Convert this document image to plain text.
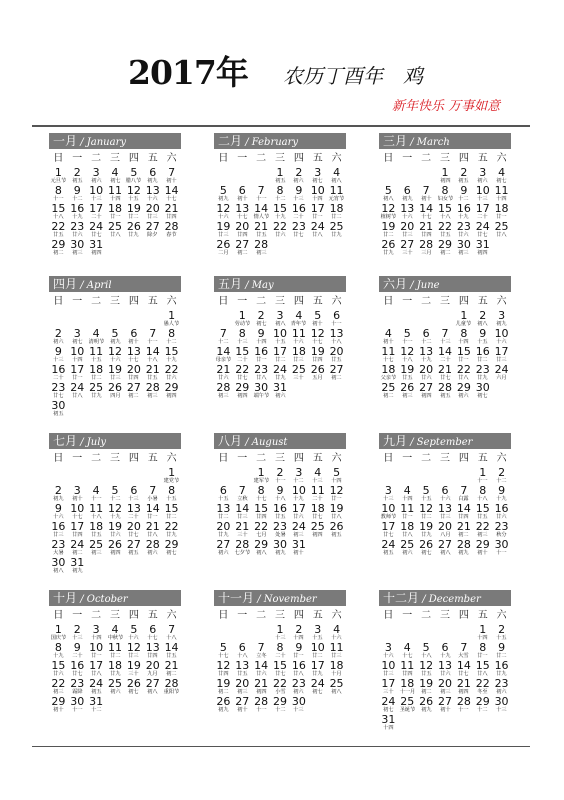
2017年 农历丁酉年　鸡
新年快乐 万事如意
一月 / January
日 一 二 三 四 五 六
1
元旦节
2
初五
3
初六
4
初七
5
腊八节
6
初九
7
初十
8
十一
9
十二
10
十三
11
十四
12
十五
13
十六
14
十七
15
十八
16
十九
17
二十
18
廿一
19
廿二
20
廿三
21
廿四
22
廿五
23
廿六
24
廿七
25
廿八
26
廿九
27
除夕
28
春节
29
初二
30
初三
31
初四
二月 / February
日 一 二 三 四 五 六
1
初五
2
初六
3
初七
4
初八
5
初九
6
初十
7
十一
8
十二
9
十三
10
十四
11
元宵节
12
十六
13
十七
14
情人节
15
十九
16
二十
17
廿一
18
廿二
19
廿三
20
廿四
21
廿五
22
廿六
23
廿七
24
廿八
25
廿九
26
二月
27
初二
28
初三
三月 / March
日 一 二 三 四 五 六
1
初四
2
初五
3
初六
4
初七
5
初八
6
初九
7
初十
8
妇女节
9
十二
10
十三
11
十四
12
植树节
13
十六
14
十七
15
十八
16
十九
17
二十
18
廿一
19
廿二
20
廿三
21
廿四
22
廿五
23
廿六
24
廿七
25
廿八
26
廿九
27
三十
28
三月
29
初二
30
初三
31
初四
四月 / April
日 一 二 三 四 五 六
1
愚人节
2
初六
3
初七
4
清明节
5
初九
6
初十
7
十一
8
十二
9
十三
10
十四
11
十五
12
十六
13
十七
14
十八
15
十九
16
二十
17
廿一
18
廿二
19
廿三
20
廿四
21
廿五
22
廿六
23
廿七
24
廿八
25
廿九
26
四月
27
初二
28
初三
29
初四
30
初五
五月 / May
日 一 二 三 四 五 六
1
劳动节
2
初七
3
初八
4
青年节
5
初十
6
十一
7
十二
8
十三
9
十四
10
十五
11
十六
12
十七
13
十八
14
母亲节
15
二十
16
廿一
17
廿二
18
廿三
19
廿四
20
廿五
21
廿六
22
廿七
23
廿八
24
廿九
25
三十
26
五月
27
初二
28
初三
29
初四
30
端午节
31
初六
六月 / June
日 一 二 三 四 五 六
1
儿童节
2
初八
3
初九
4
初十
5
十一
6
十二
7
十三
8
十四
9
十五
10
十六
11
十七
12
十八
13
十九
14
二十
15
廿一
16
廿二
17
廿三
18
父亲节
19
廿五
20
廿六
21
廿七
22
廿八
23
廿九
24
六月
25
初二
26
初三
27
初四
28
初五
29
初六
30
初七
七月 / July
日 一 二 三 四 五 六
1
建党节
2
初九
3
初十
4
十一
5
十二
6
十三
7
小暑
8
十五
9
十六
10
十七
11
十八
12
十九
13
二十
14
廿一
15
廿二
16
廿三
17
廿四
18
廿五
19
廿六
20
廿七
21
廿八
22
廿九
23
大暑
24
初二
25
初三
26
初四
27
初五
28
初六
29
初七
30
初八
31
初九
八月 / August
日 一 二 三 四 五 六
1
建军节
2
十一
3
十二
4
十三
5
十四
6
十五
7
立秋
8
十七
9
十八
10
十九
11
二十
12
廿一
13
廿二
14
廿三
15
廿四
16
廿五
17
廿六
18
廿七
19
廿八
20
廿九
21
三十
22
七月
23
处暑
24
初三
25
初四
26
初五
27
初六
28
七夕节
29
初八
30
初九
31
初十
九月 / September
日 一 二 三 四 五 六
1
十一
2
十二
3
十三
4
十四
5
十五
6
十六
7
白露
8
十八
9
十九
10
教师节
11
廿一
12
廿二
13
廿三
14
廿四
15
廿五
16
廿六
17
廿七
18
廿八
19
廿九
20
八月
21
初二
22
初三
23
秋分
24
初五
25
初六
26
初七
27
初八
28
初九
29
初十
30
十一
十月 / October
日 一 二 三 四 五 六
1
国庆节
2
十三
3
十四
4
中秋节
5
十六
6
十七
7
十八
8
十九
9
二十
10
廿一
11
廿二
12
廿三
13
廿四
14
廿五
15
廿六
16
廿七
17
廿八
18
廿九
19
三十
20
九月
21
初二
22
初三
23
霜降
24
初五
25
初六
26
初七
27
初八
28
重阳节
29
初十
30
十一
31
十二
十一月 / November
日 一 二 三 四 五 六
1
十三
2
十四
3
十五
4
十六
5
十七
6
十八
7
立冬
8
二十
9
廿一
10
廿二
11
廿三
12
廿四
13
廿五
14
廿六
15
廿七
16
廿八
17
廿九
18
十月
19
初二
20
初三
21
初四
22
小雪
23
初六
24
初七
25
初八
26
初九
27
初十
28
十一
29
十二
30
十三
十二月 / December
日 一 二 三 四 五 六
1
十四
2
十五
3
十六
4
十七
5
十八
6
十九
7
大雪
8
廿一
9
廿二
10
廿三
11
廿四
12
廿五
13
廿六
14
廿七
15
廿八
16
廿九
17
三十
18
十一月
19
初二
20
初三
21
初四
22
冬至
23
初六
24
初七
25
圣诞节
26
初九
27
初十
28
十一
29
十二
30
十三
31
十四
